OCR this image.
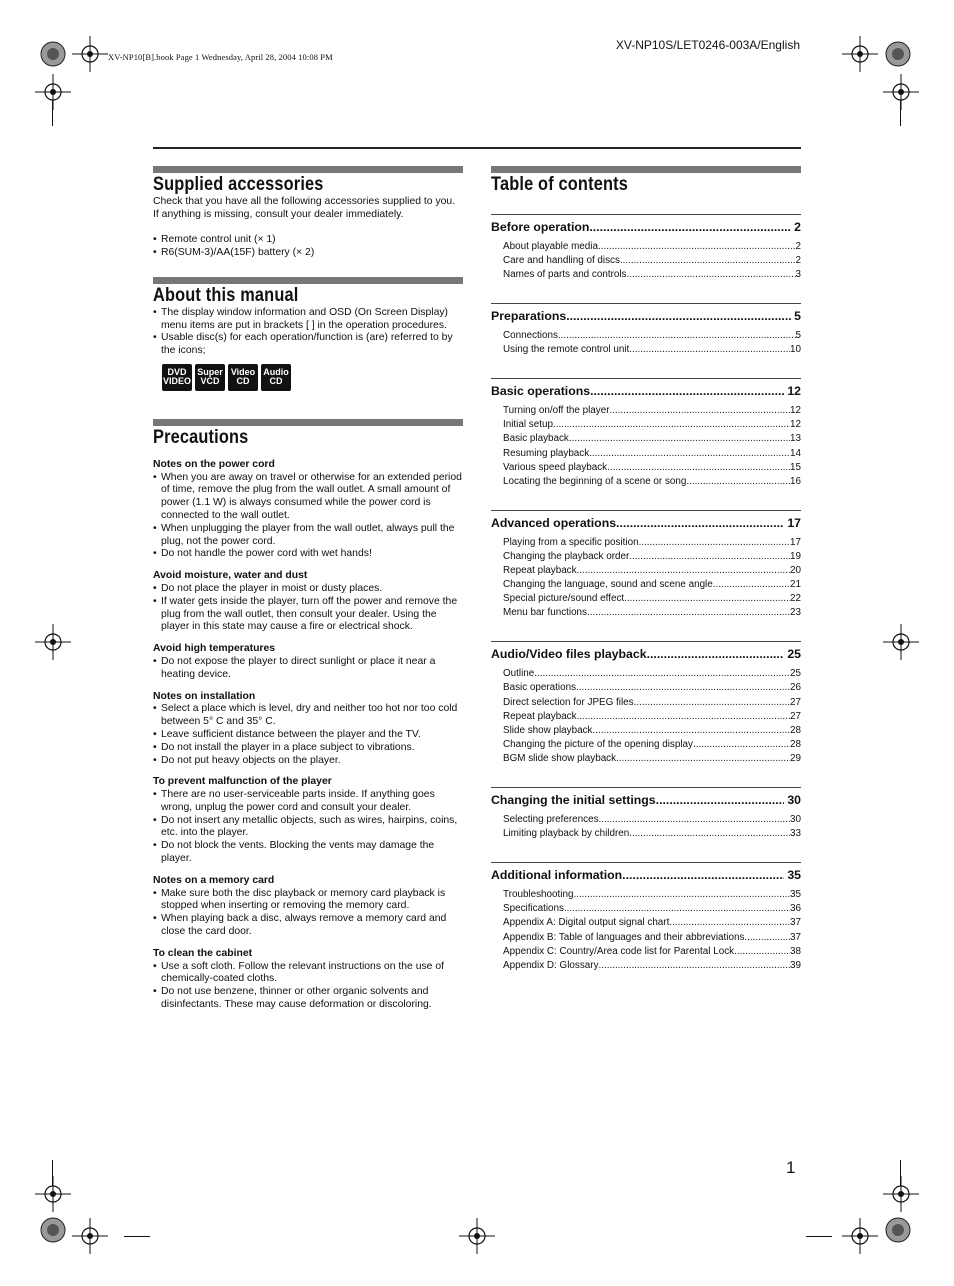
XV-NP10S/LET0246-003A/English
XV-NP10[B].book Page 1 Wednesday, April 28, 2004 10:08 PM
Supplied accessories

Check that you have all the following accessories supplied to you. If anything is missing, consult your dealer immediately.

• Remote control unit (× 1)
• R6(SUM-3)/AA(15F) battery (× 2)
About this manual
• The display window information and OSD (On Screen Display) menu items are put in brackets [ ] in the operation procedures.
• Usable disc(s) for each operation/function is (are) referred to by the icons;
DVD
VIDEO
Super
VCD
Video
CD
Audio
CD
Precautions
Notes on the power cord
• When you are away on travel or otherwise for an extended period of time, remove the plug from the wall outlet. A small amount of power (1.1 W) is always consumed while the power cord is connected to the wall outlet.
• When unplugging the player from the wall outlet, always pull the plug, not the power cord.
• Do not handle the power cord with wet hands!
Avoid moisture, water and dust
• Do not place the player in moist or dusty places.
• If water gets inside the player, turn off the power and remove the plug from the wall outlet, then consult your dealer. Using the player in this state may cause a fire or electrical shock.
Avoid high temperatures
• Do not expose the player to direct sunlight or place it near a heating device.
Notes on installation
• Select a place which is level, dry and neither too hot nor too cold between 5° C and 35° C.
• Leave sufficient distance between the player and the TV.
• Do not install the player in a place subject to vibrations.
• Do not put heavy objects on the player.
To prevent malfunction of the player
• There are no user-serviceable parts inside. If anything goes wrong, unplug the power cord and consult your dealer.
• Do not insert any metallic objects, such as wires, hairpins, coins, etc. into the player.
• Do not block the vents. Blocking the vents may damage the player.
Notes on a memory card
• Make sure both the disc playback or memory card playback is stopped when inserting or removing the memory card.
• When playing back a disc, always remove a memory card and close the card door.
To clean the cabinet
• Use a soft cloth. Follow the relevant instructions on the use of chemically-coated cloths.
• Do not use benzene, thinner or other organic solvents and disinfectants. These may cause deformation or discoloring.
Table of contents
Before operation .....	2
About playable media .....	2
Care and handling of discs .....	2
Names of parts and controls .....	3
Preparations .....	5
Connections .....	5
Using the remote control unit .....	10
Basic operations .....	12
Turning on/off the player .....	12
Initial setup .....	12
Basic playback .....	13
Resuming playback .....	14
Various speed playback .....	15
Locating the beginning of a scene or song .....	16
Advanced operations .....	17
Playing from a specific position .....	17
Changing the playback order .....	19
Repeat playback .....	20
Changing the language, sound and scene angle .....	21
Special picture/sound effect .....	22
Menu bar functions .....	23
Audio/Video files playback .....	25
Outline .....	25
Basic operations .....	26
Direct selection for JPEG files .....	27
Repeat playback .....	27
Slide show playback .....	28
Changing the picture of the opening display .....	28
BGM slide show playback .....	29
Changing the initial settings .....	30
Selecting preferences .....	30
Limiting playback by children .....	33
Additional information .....	35
Troubleshooting .....	35
Specifications .....	36
Appendix A: Digital output signal chart .....	37
Appendix B: Table of languages and their abbreviations .....	37
Appendix C: Country/Area code list for Parental Lock .....	38
Appendix D: Glossary .....	39
1
